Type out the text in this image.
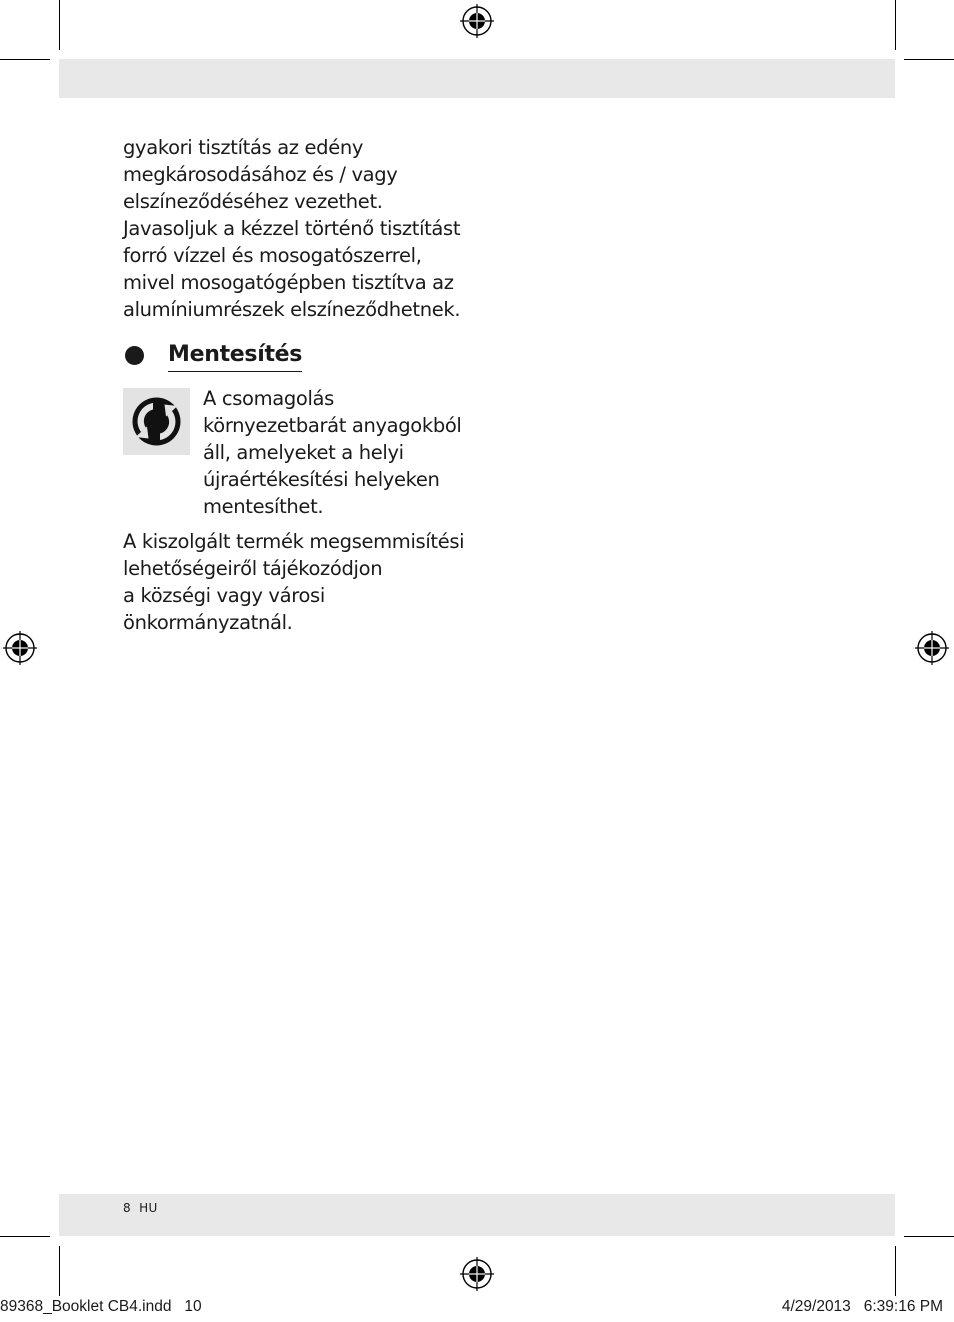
gyakori tisztítás az edény
megkárosodásához és / vagy
elszíneződéséhez vezethet.
Javasoljuk a kézzel történő tisztítást
forró vízzel és mosogatószerrel,
mivel mosogatógépben tisztítva az
alumíniumrészek elszíneződhetnek.

Mentesítés

A csomagolás
környezetbarát anyagokból
áll, amelyeket a helyi
újraértékesítési helyeken
mentesíthet.

A kiszolgált termék megsemmisítési
lehetőségeiről tájékozódjon
a községi vagy városi
önkormányzatnál.

8 HU
89368_Booklet CB4.indd   10	4/29/2013   6:39:16 PM
